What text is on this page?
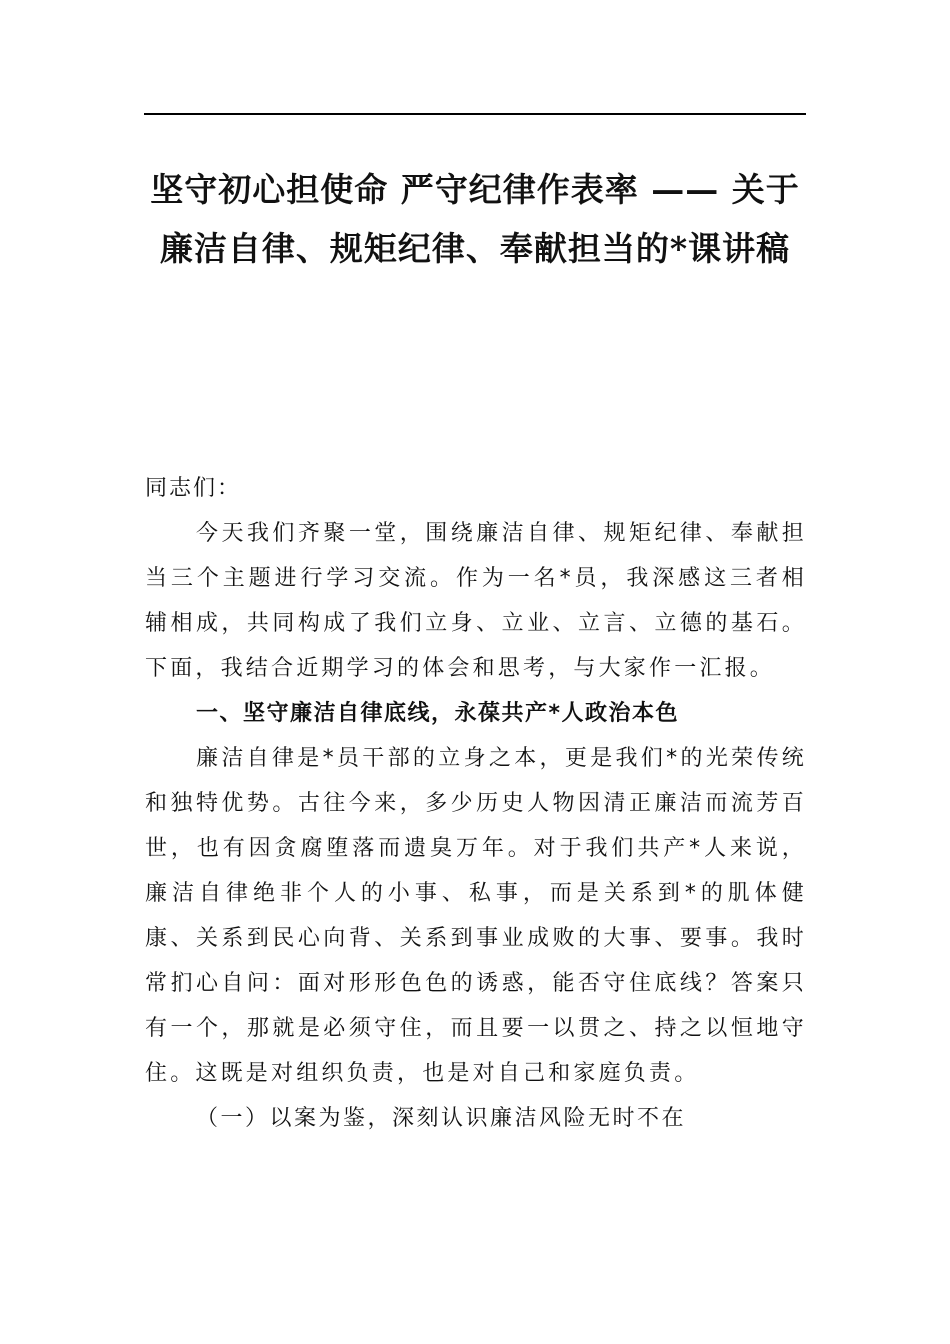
坚守初心担使命 严守纪律作表率 —— 关于廉洁自律、规矩纪律、奉献担当的*课讲稿

同志们：

今天我们齐聚一堂，围绕廉洁自律、规矩纪律、奉献担当三个主题进行学习交流。作为一名*员，我深感这三者相辅相成，共同构成了我们立身、立业、立言、立德的基石。下面，我结合近期学习的体会和思考，与大家作一汇报。

一、坚守廉洁自律底线，永葆共产*人政治本色

廉洁自律是*员干部的立身之本，更是我们*的光荣传统和独特优势。古往今来，多少历史人物因清正廉洁而流芳百世，也有因贪腐堕落而遗臭万年。对于我们共产*人来说，廉洁自律绝非个人的小事、私事，而是关系到*的肌体健康、关系到民心向背、关系到事业成败的大事、要事。我时常扪心自问：面对形形色色的诱惑，能否守住底线？答案只有一个，那就是必须守住，而且要一以贯之、持之以恒地守住。这既是对组织负责，也是对自己和家庭负责。

（一）以案为鉴，深刻认识廉洁风险无时不在
